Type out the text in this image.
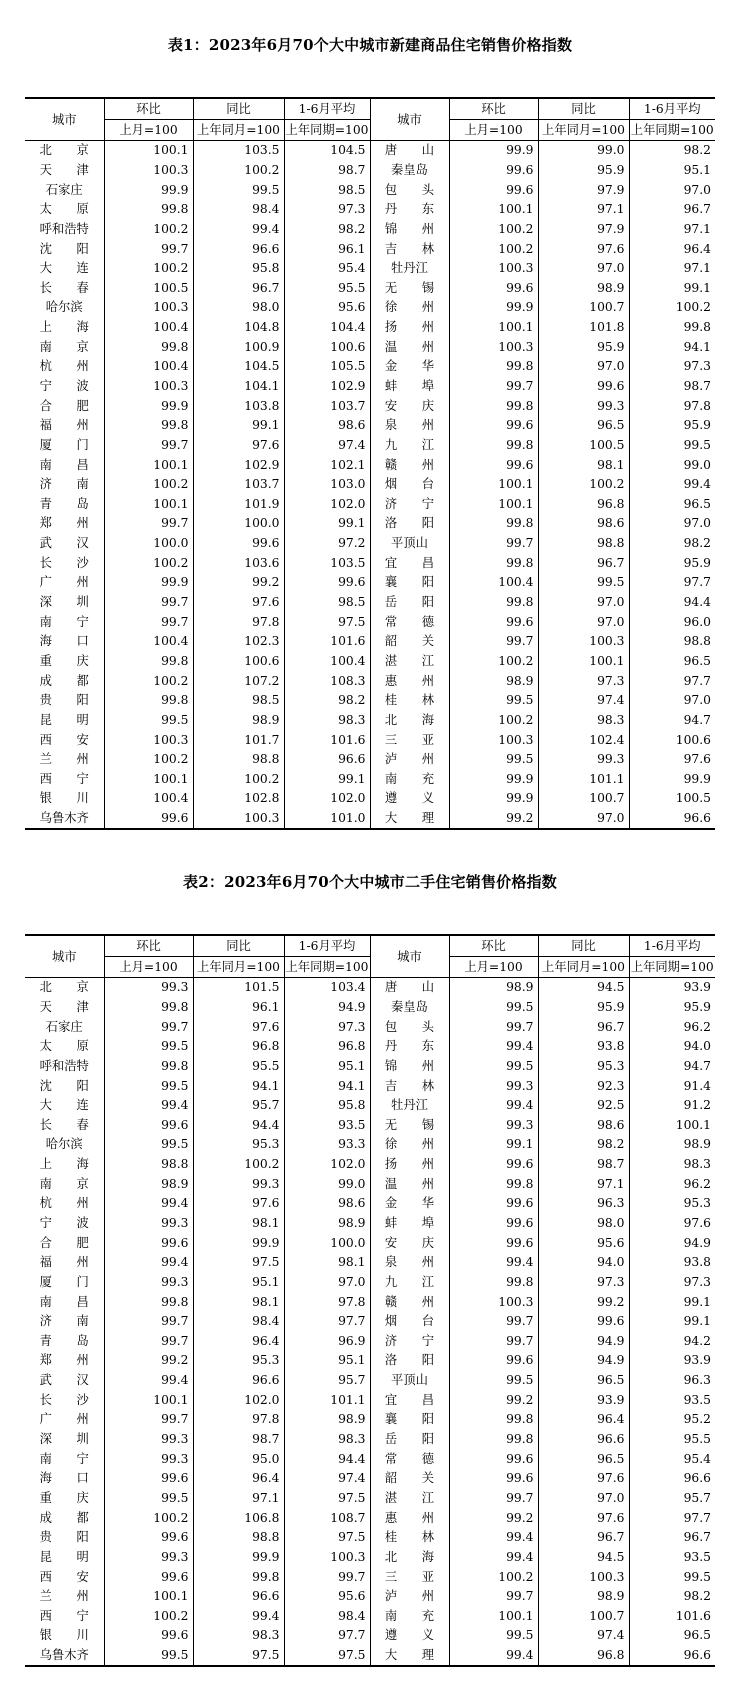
表1：2023年6月70个大中城市新建商品住宅销售价格指数
城市	环比	同比	1-6月平均	城市	环比	同比	1-6月平均
	上月=100	上年同月=100	上年同期=100		上月=100	上年同月=100	上年同期=100
北　　京	100.1	103.5	104.5	唐　　山	99.9	99.0	98.2
天　　津	100.3	100.2	98.7	秦皇岛	99.6	95.9	95.1
石家庄	99.9	99.5	98.5	包　　头	99.6	97.9	97.0
太　　原	99.8	98.4	97.3	丹　　东	100.1	97.1	96.7
呼和浩特	100.2	99.4	98.2	锦　　州	100.2	97.9	97.1
沈　　阳	99.7	96.6	96.1	吉　　林	100.2	97.6	96.4
大　　连	100.2	95.8	95.4	牡丹江	100.3	97.0	97.1
长　　春	100.5	96.7	95.5	无　　锡	99.6	98.9	99.1
哈尔滨	100.3	98.0	95.6	徐　　州	99.9	100.7	100.2
上　　海	100.4	104.8	104.4	扬　　州	100.1	101.8	99.8
南　　京	99.8	100.9	100.6	温　　州	100.3	95.9	94.1
杭　　州	100.4	104.5	105.5	金　　华	99.8	97.0	97.3
宁　　波	100.3	104.1	102.9	蚌　　埠	99.7	99.6	98.7
合　　肥	99.9	103.8	103.7	安　　庆	99.8	99.3	97.8
福　　州	99.8	99.1	98.6	泉　　州	99.6	96.5	95.9
厦　　门	99.7	97.6	97.4	九　　江	99.8	100.5	99.5
南　　昌	100.1	102.9	102.1	赣　　州	99.6	98.1	99.0
济　　南	100.2	103.7	103.0	烟　　台	100.1	100.2	99.4
青　　岛	100.1	101.9	102.0	济　　宁	100.1	96.8	96.5
郑　　州	99.7	100.0	99.1	洛　　阳	99.8	98.6	97.0
武　　汉	100.0	99.6	97.2	平顶山	99.7	98.8	98.2
长　　沙	100.2	103.6	103.5	宜　　昌	99.8	96.7	95.9
广　　州	99.9	99.2	99.6	襄　　阳	100.4	99.5	97.7
深　　圳	99.7	97.6	98.5	岳　　阳	99.8	97.0	94.4
南　　宁	99.7	97.8	97.5	常　　德	99.6	97.0	96.0
海　　口	100.4	102.3	101.6	韶　　关	99.7	100.3	98.8
重　　庆	99.8	100.6	100.4	湛　　江	100.2	100.1	96.5
成　　都	100.2	107.2	108.3	惠　　州	98.9	97.3	97.7
贵　　阳	99.8	98.5	98.2	桂　　林	99.5	97.4	97.0
昆　　明	99.5	98.9	98.3	北　　海	100.2	98.3	94.7
西　　安	100.3	101.7	101.6	三　　亚	100.3	102.4	100.6
兰　　州	100.2	98.8	96.6	泸　　州	99.5	99.3	97.6
西　　宁	100.1	100.2	99.1	南　　充	99.9	101.1	99.9
银　　川	100.4	102.8	102.0	遵　　义	99.9	100.7	100.5
乌鲁木齐	99.6	100.3	101.0	大　　理	99.2	97.0	96.6
表2：2023年6月70个大中城市二手住宅销售价格指数
城市	环比	同比	1-6月平均	城市	环比	同比	1-6月平均
	上月=100	上年同月=100	上年同期=100		上月=100	上年同月=100	上年同期=100
北　　京	99.3	101.5	103.4	唐　　山	98.9	94.5	93.9
天　　津	99.8	96.1	94.9	秦皇岛	99.5	95.9	95.9
石家庄	99.7	97.6	97.3	包　　头	99.7	96.7	96.2
太　　原	99.5	96.8	96.8	丹　　东	99.4	93.8	94.0
呼和浩特	99.8	95.5	95.1	锦　　州	99.5	95.3	94.7
沈　　阳	99.5	94.1	94.1	吉　　林	99.3	92.3	91.4
大　　连	99.4	95.7	95.8	牡丹江	99.4	92.5	91.2
长　　春	99.6	94.4	93.5	无　　锡	99.3	98.6	100.1
哈尔滨	99.5	95.3	93.3	徐　　州	99.1	98.2	98.9
上　　海	98.8	100.2	102.0	扬　　州	99.6	98.7	98.3
南　　京	98.9	99.3	99.0	温　　州	99.8	97.1	96.2
杭　　州	99.4	97.6	98.6	金　　华	99.6	96.3	95.3
宁　　波	99.3	98.1	98.9	蚌　　埠	99.6	98.0	97.6
合　　肥	99.6	99.9	100.0	安　　庆	99.6	95.6	94.9
福　　州	99.4	97.5	98.1	泉　　州	99.4	94.0	93.8
厦　　门	99.3	95.1	97.0	九　　江	99.8	97.3	97.3
南　　昌	99.8	98.1	97.8	赣　　州	100.3	99.2	99.1
济　　南	99.7	98.4	97.7	烟　　台	99.7	99.6	99.1
青　　岛	99.7	96.4	96.9	济　　宁	99.7	94.9	94.2
郑　　州	99.2	95.3	95.1	洛　　阳	99.6	94.9	93.9
武　　汉	99.4	96.6	95.7	平顶山	99.5	96.5	96.3
长　　沙	100.1	102.0	101.1	宜　　昌	99.2	93.9	93.5
广　　州	99.7	97.8	98.9	襄　　阳	99.8	96.4	95.2
深　　圳	99.3	98.7	98.3	岳　　阳	99.8	96.6	95.5
南　　宁	99.3	95.0	94.4	常　　德	99.6	96.5	95.4
海　　口	99.6	96.4	97.4	韶　　关	99.6	97.6	96.6
重　　庆	99.5	97.1	97.5	湛　　江	99.7	97.0	95.7
成　　都	100.2	106.8	108.7	惠　　州	99.2	97.6	97.7
贵　　阳	99.6	98.8	97.5	桂　　林	99.4	96.7	96.7
昆　　明	99.3	99.9	100.3	北　　海	99.4	94.5	93.5
西　　安	99.6	99.8	99.7	三　　亚	100.2	100.3	99.5
兰　　州	100.1	96.6	95.6	泸　　州	99.7	98.9	98.2
西　　宁	100.2	99.4	98.4	南　　充	100.1	100.7	101.6
银　　川	99.6	98.3	97.7	遵　　义	99.5	97.4	96.5
乌鲁木齐	99.5	97.5	97.5	大　　理	99.4	96.8	96.6
